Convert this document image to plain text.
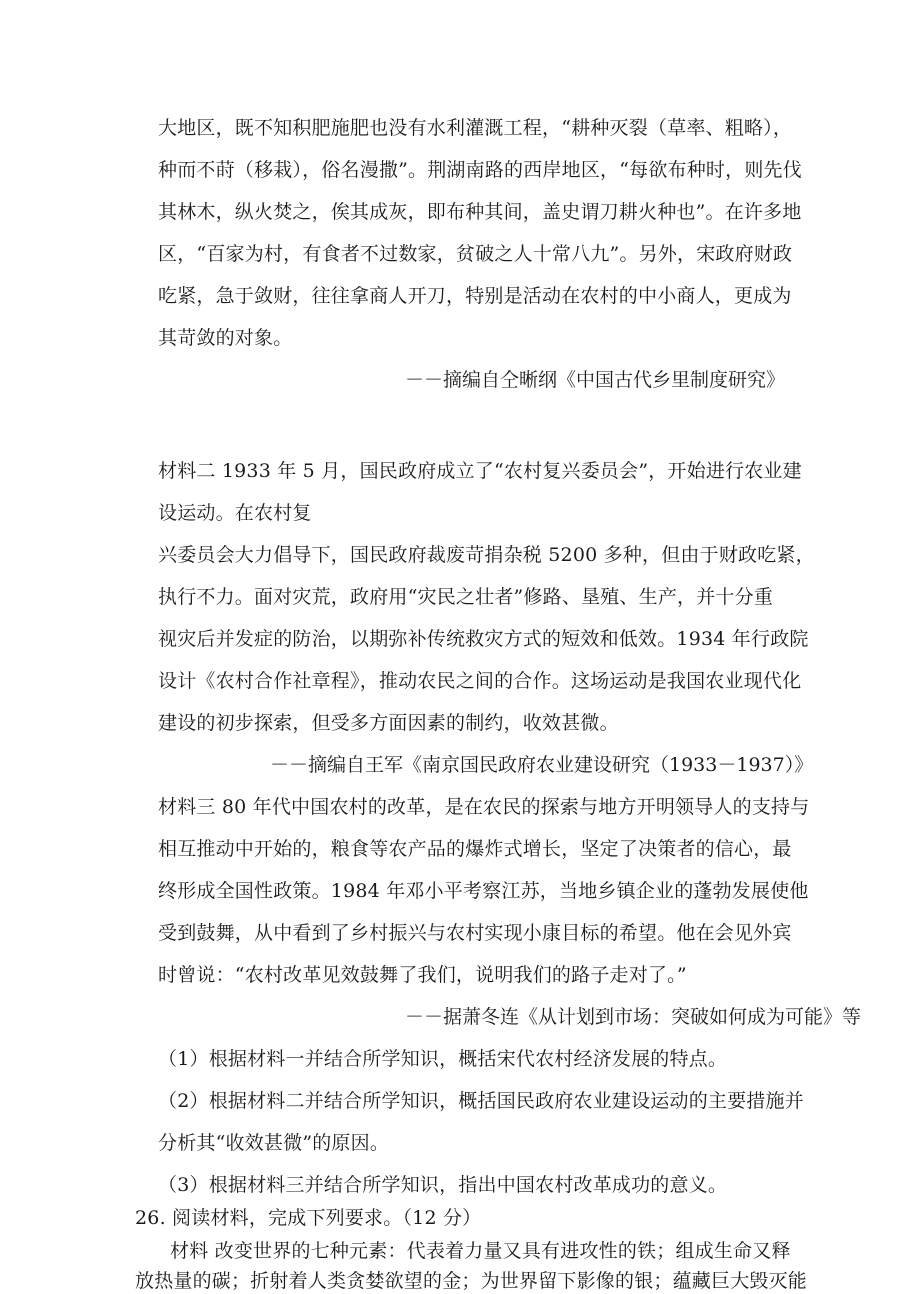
大地区，既不知积肥施肥也没有水利灌溉工程，“耕种灭裂（草率、粗略），
种而不莳（移栽），俗名漫撒”。荆湖南路的西岸地区，“每欲布种时，则先伐
其林木，纵火焚之，俟其成灰，即布种其间，盖史谓刀耕火种也”。在许多地
区，“百家为村，有食者不过数家，贫破之人十常八九”。另外，宋政府财政
吃紧，急于敛财，往往拿商人开刀，特别是活动在农村的中小商人，更成为
其苛敛的对象。
－－摘编自仝晰纲《中国古代乡里制度研究》
材料二 1933 年 5 月，国民政府成立了“农村复兴委员会”，开始进行农业建
设运动。在农村复
兴委员会大力倡导下，国民政府裁废苛捐杂税 5200 多种，但由于财政吃紧，
执行不力。面对灾荒，政府用“灾民之壮者”修路、垦殖、生产，并十分重
视灾后并发症的防治，以期弥补传统救灾方式的短效和低效。1934 年行政院
设计《农村合作社章程》，推动农民之间的合作。这场运动是我国农业现代化
建设的初步探索，但受多方面因素的制约，收效甚微。
－－摘编自王军《南京国民政府农业建设研究（1933－1937）》
材料三 80 年代中国农村的改革，是在农民的探索与地方开明领导人的支持与
相互推动中开始的，粮食等农产品的爆炸式增长，坚定了决策者的信心，最
终形成全国性政策。1984 年邓小平考察江苏，当地乡镇企业的蓬勃发展使他
受到鼓舞，从中看到了乡村振兴与农村实现小康目标的希望。他在会见外宾
时曾说：“农村改革见效鼓舞了我们，说明我们的路子走对了。”
－－据萧冬连《从计划到市场：突破如何成为可能》等
（1）根据材料一并结合所学知识，概括宋代农村经济发展的特点。
（2）根据材料二并结合所学知识，概括国民政府农业建设运动的主要措施并
分析其“收效甚微”的原因。
（3）根据材料三并结合所学知识，指出中国农村改革成功的意义。
26. 阅读材料，完成下列要求。（12 分）
材料 改变世界的七种元素：代表着力量又具有进攻性的铁；组成生命又释
放热量的碳；折射着人类贪婪欲望的金；为世界留下影像的银；蕴藏巨大毁灭能
